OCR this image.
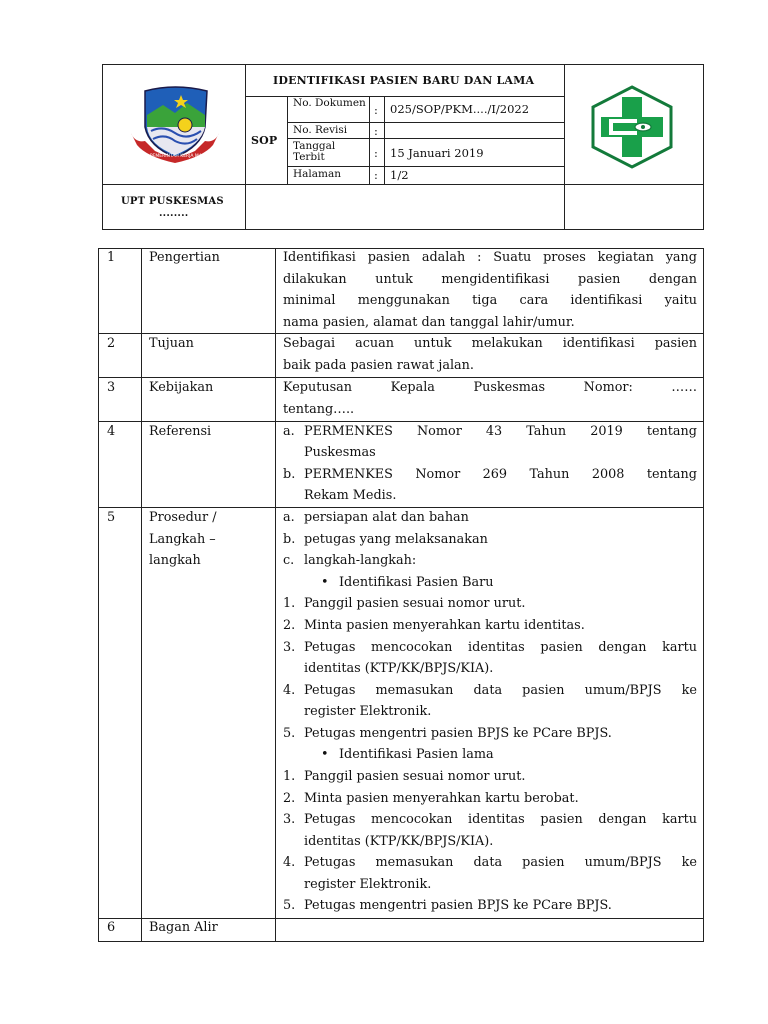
IDENTIFIKASI PASIEN BARU DAN LAMA
SOP
No. Dokumen : 025/SOP/PKM..../I/2022
No. Revisi :
Tanggal Terbit	: 15 Januari 2019
Halaman	: 1/2
UPT PUSKESMAS
........
LOGO PEMERINTAH KERJA MANDIRI
1	Pengertian	Identifikasi pasien adalah : Suatu proses kegiatan yang
dilakukan untuk mengidentifikasi pasien dengan
minimal menggunakan tiga cara identifikasi yaitu
nama pasien, alamat dan tanggal lahir/umur.
2	Tujuan	Sebagai acuan untuk melakukan identifikasi pasien
baik pada pasien rawat jalan.
3	Kebijakan	Keputusan Kepala Puskesmas Nomor: ……
tentang…..
4	Referensi	a. PERMENKES Nomor 43 Tahun 2019 tentang
Puskesmas
b. PERMENKES Nomor 269 Tahun 2008 tentang
Rekam Medis.
5	Prosedur /
Langkah –
langkah
a. persiapan alat dan bahan
b. petugas yang melaksanakan
c. langkah-langkah:
• Identifikasi Pasien Baru
1. Panggil pasien sesuai nomor urut.
2. Minta pasien menyerahkan kartu identitas.
3. Petugas mencocokan identitas pasien dengan kartu
identitas (KTP/KK/BPJS/KIA).
4. Petugas memasukan data pasien umum/BPJS ke
register Elektronik.
5. Petugas mengentri pasien BPJS ke PCare BPJS.
• Identifikasi Pasien lama
1. Panggil pasien sesuai nomor urut.
2. Minta pasien menyerahkan kartu berobat.
3. Petugas mencocokan identitas pasien dengan kartu
identitas (KTP/KK/BPJS/KIA).
4. Petugas memasukan data pasien umum/BPJS ke
register Elektronik.
5. Petugas mengentri pasien BPJS ke PCare BPJS.
6	Bagan Alir
